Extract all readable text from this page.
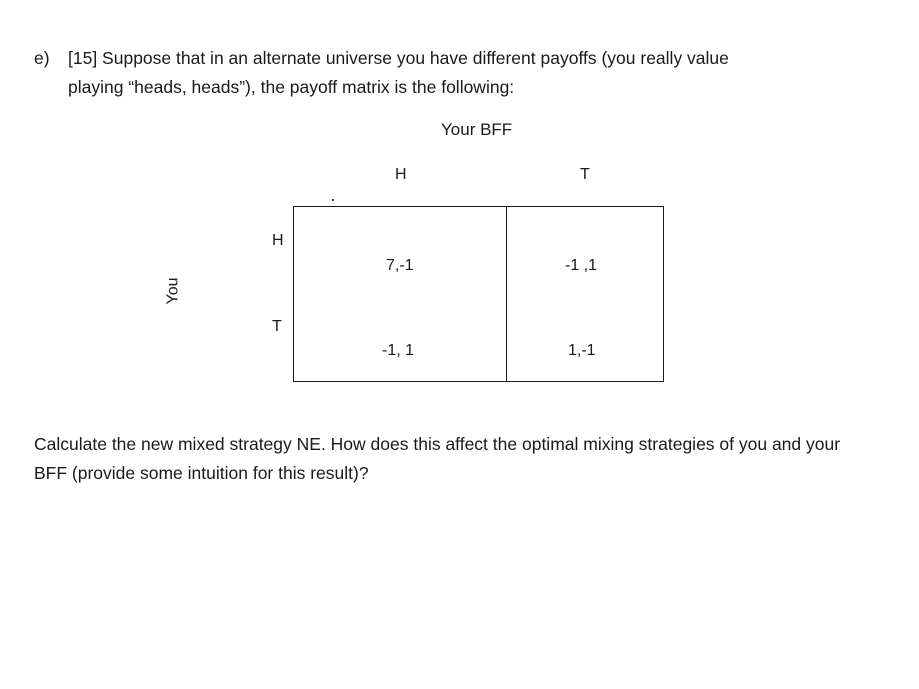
e) [15] Suppose that in an alternate universe you have different payoffs (you really value
playing “heads, heads”), the payoff matrix is the following:
Your BFF
H	T
You
H
T
7,-1	-1 ,1
-1, 1	1,-1
Calculate the new mixed strategy NE. How does this affect the optimal mixing strategies of you and your BFF (provide some intuition for this result)?
